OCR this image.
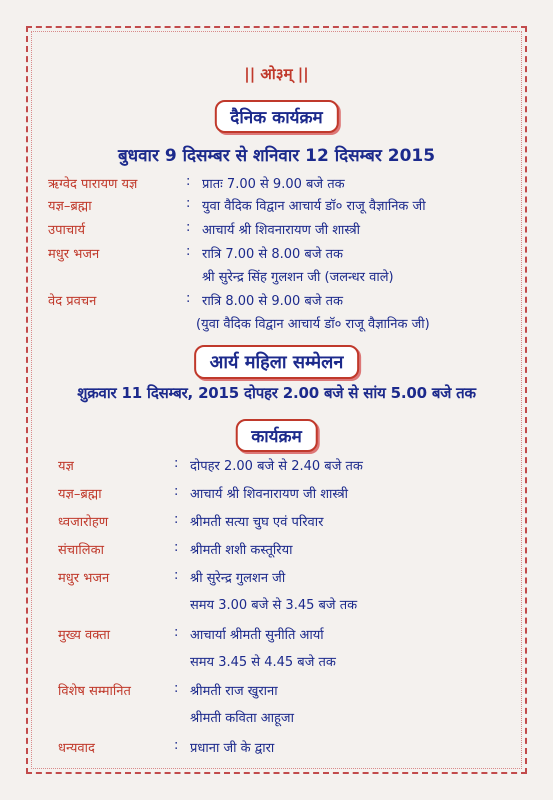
|| ओ३म् ||
दैनिक कार्यक्रम
बुधवार 9 दिसम्बर से शनिवार 12 दिसम्बर 2015
ऋग्वेद पारायण यज्ञ	: प्रातः 7.00 से 9.00 बजे तक
यज्ञ–ब्रह्मा	: युवा वैदिक विद्वान आचार्य डॉ० राजू वैज्ञानिक जी
उपाचार्य	: आचार्य श्री शिवनारायण जी शास्त्री
मधुर भजन	: रात्रि 7.00 से 8.00 बजे तक
श्री सुरेन्द्र सिंह गुलशन जी (जलन्धर वाले)
वेद प्रवचन	: रात्रि 8.00 से 9.00 बजे तक
(युवा वैदिक विद्वान आचार्य डॉ० राजू वैज्ञानिक जी)
आर्य महिला सम्मेलन
शुक्रवार 11 दिसम्बर, 2015 दोपहर 2.00 बजे से सांय 5.00 बजे तक
कार्यक्रम
यज्ञ	: दोपहर 2.00 बजे से 2.40 बजे तक
यज्ञ–ब्रह्मा	: आचार्य श्री शिवनारायण जी शास्त्री
ध्वजारोहण	: श्रीमती सत्या चुघ एवं परिवार
संचालिका	: श्रीमती शशी कस्तूरिया
मधुर भजन	: श्री सुरेन्द्र गुलशन जी
समय 3.00 बजे से 3.45 बजे तक
मुख्य वक्ता	: आचार्या श्रीमती सुनीति आर्या
समय 3.45 से 4.45 बजे तक
विशेष सम्मानित	: श्रीमती राज खुराना
श्रीमती कविता आहूजा
धन्यवाद	: प्रधाना जी के द्वारा
